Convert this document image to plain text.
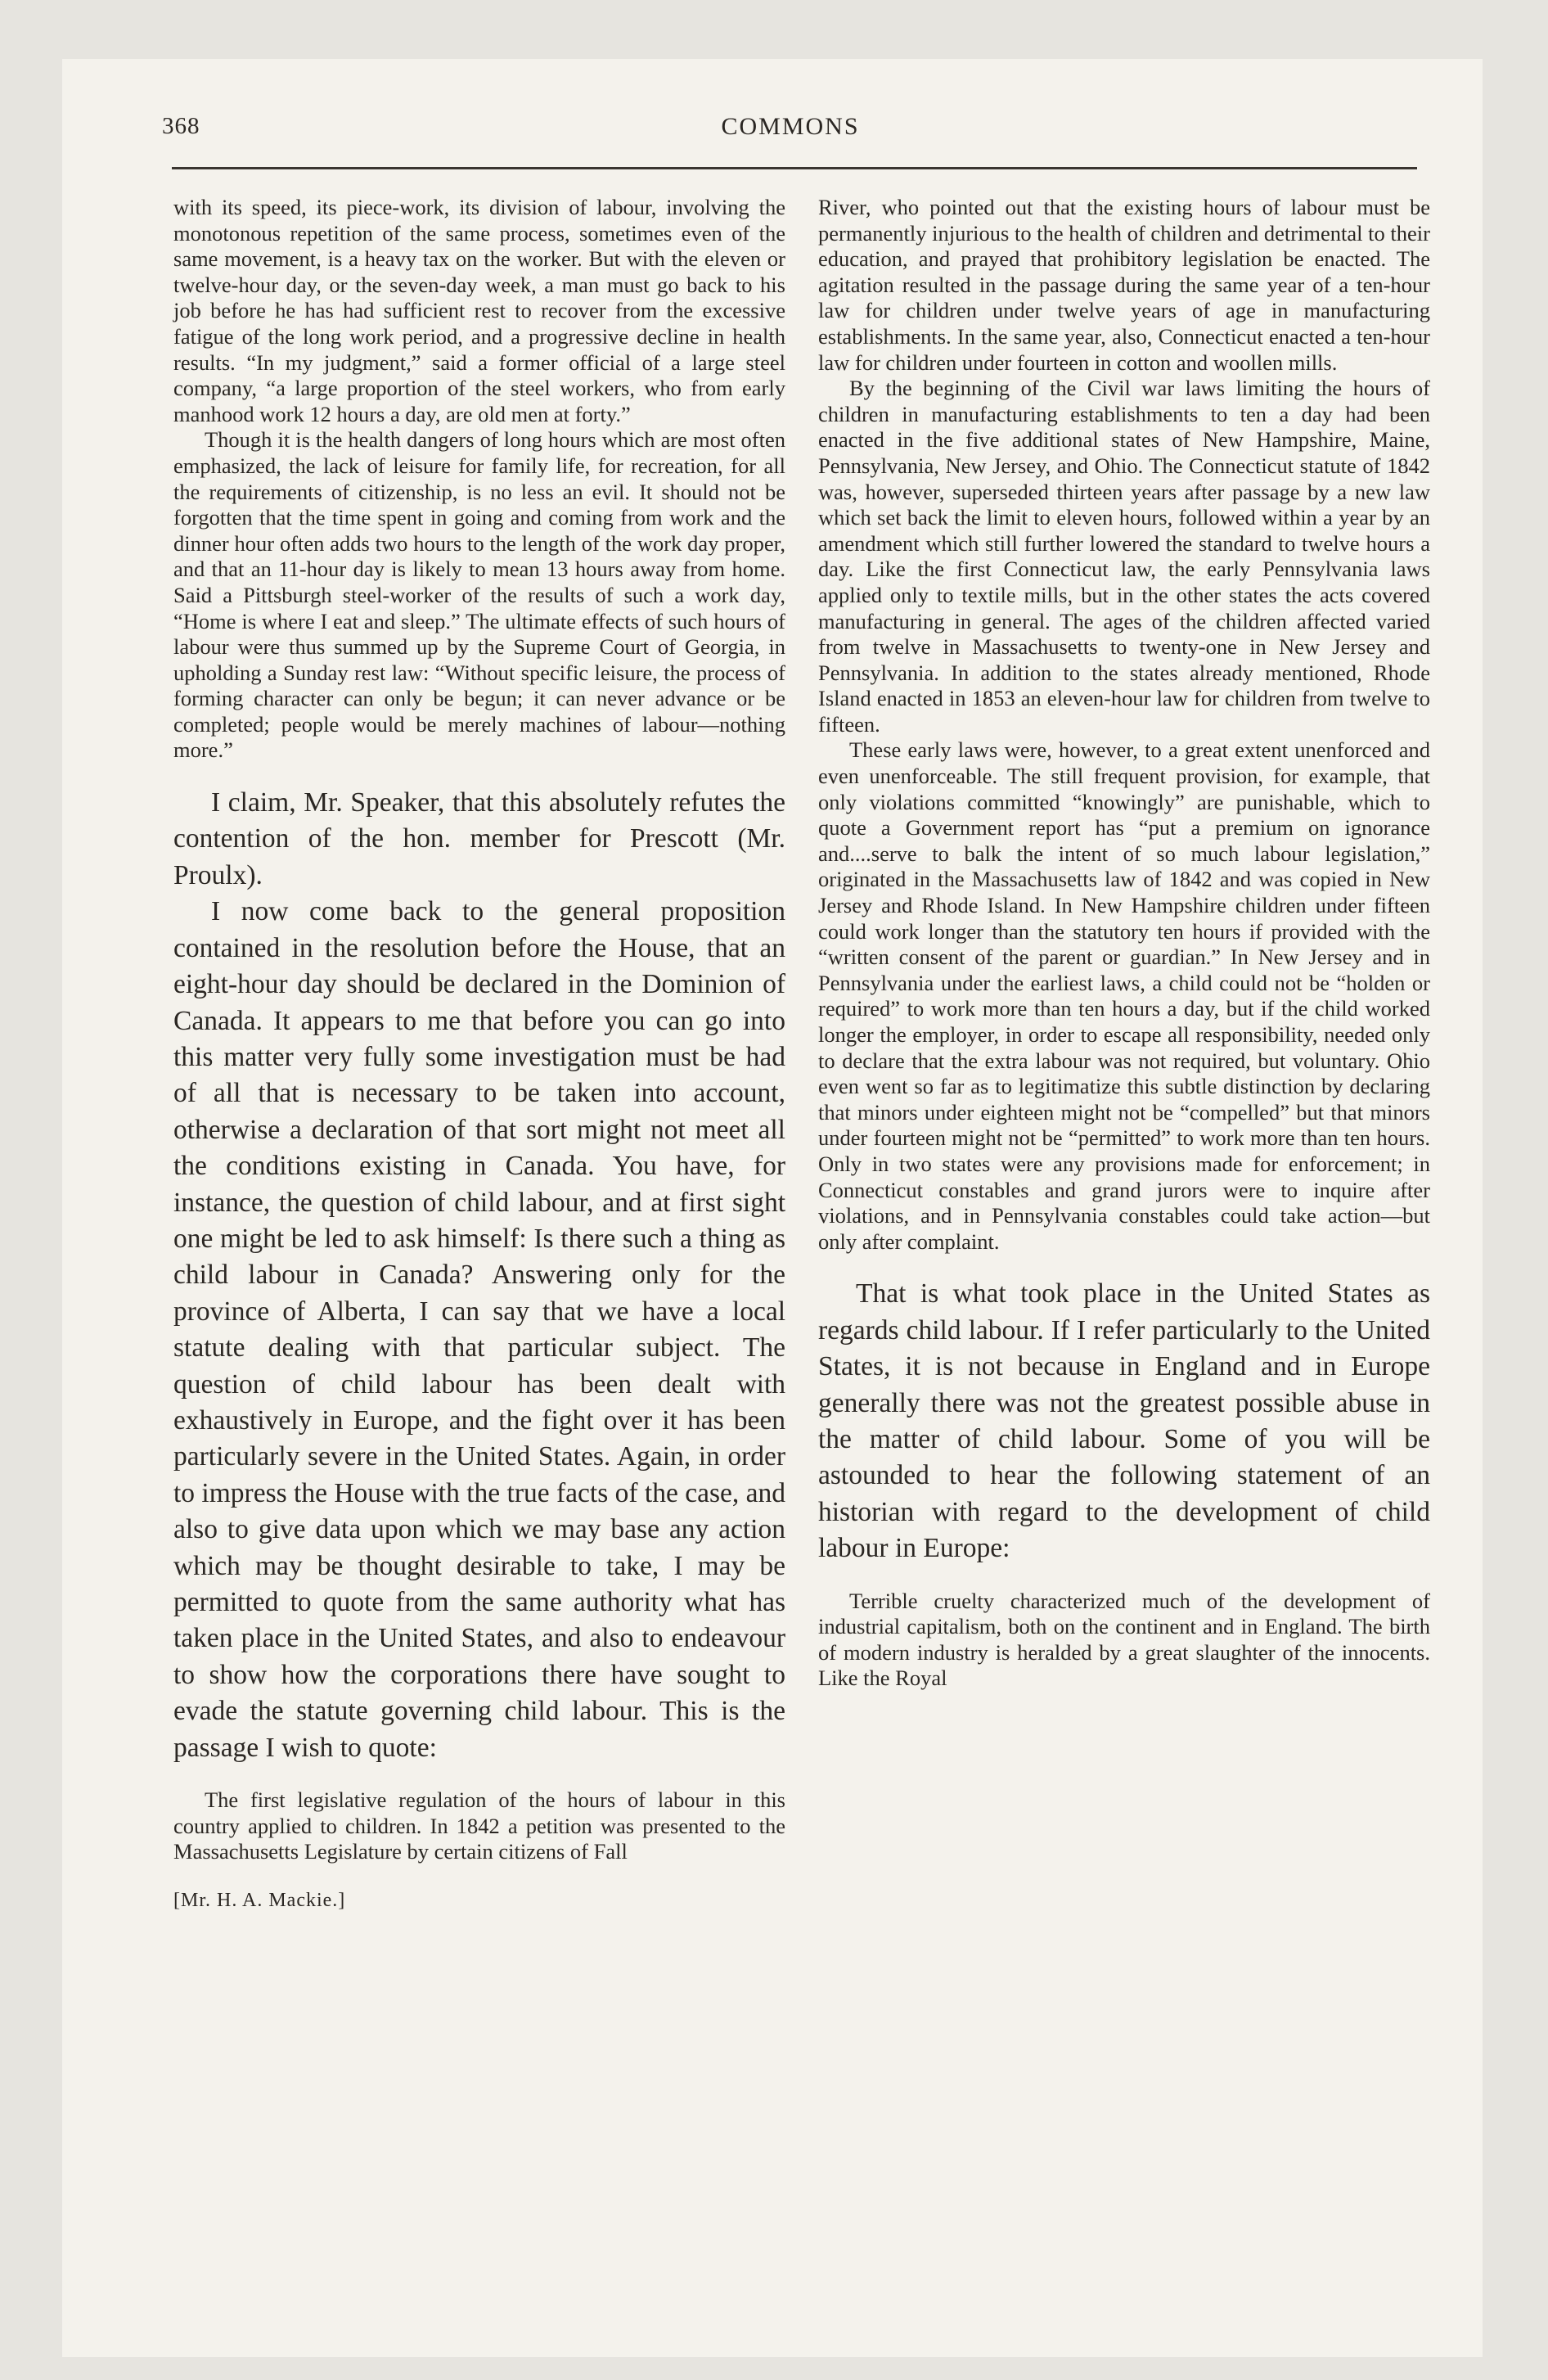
368	COMMONS

with its speed, its piece-work, its division of labour, involving the monotonous repetition of the same process, sometimes even of the same movement, is a heavy tax on the worker. But with the eleven or twelve-hour day, or the seven-day week, a man must go back to his job before he has had sufficient rest to recover from the excessive fatigue of the long work period, and a progressive decline in health results. “In my judgment,” said a former official of a large steel company, “a large proportion of the steel workers, who from early manhood work 12 hours a day, are old men at forty.”

Though it is the health dangers of long hours which are most often emphasized, the lack of leisure for family life, for recreation, for all the requirements of citizenship, is no less an evil. It should not be forgotten that the time spent in going and coming from work and the dinner hour often adds two hours to the length of the work day proper, and that an 11-hour day is likely to mean 13 hours away from home. Said a Pittsburgh steel-worker of the results of such a work day, “Home is where I eat and sleep.” The ultimate effects of such hours of labour were thus summed up by the Supreme Court of Georgia, in upholding a Sunday rest law: “Without specific leisure, the process of forming character can only be begun; it can never advance or be completed; people would be merely machines of labour—nothing more.”

I claim, Mr. Speaker, that this absolutely refutes the contention of the hon. member for Prescott (Mr. Proulx).

I now come back to the general proposition contained in the resolution before the House, that an eight-hour day should be declared in the Dominion of Canada. It appears to me that before you can go into this matter very fully some investigation must be had of all that is necessary to be taken into account, otherwise a declaration of that sort might not meet all the conditions existing in Canada. You have, for instance, the question of child labour, and at first sight one might be led to ask himself: Is there such a thing as child labour in Canada? Answering only for the province of Alberta, I can say that we have a local statute dealing with that particular subject. The question of child labour has been dealt with exhaustively in Europe, and the fight over it has been particularly severe in the United States. Again, in order to impress the House with the true facts of the case, and also to give data upon which we may base any action which may be thought desirable to take, I may be permitted to quote from the same authority what has taken place in the United States, and also to endeavour to show how the corporations there have sought to evade the statute governing child labour. This is the passage I wish to quote:

The first legislative regulation of the hours of labour in this country applied to children. In 1842 a petition was presented to the Massachusetts Legislature by certain citizens of Fall

[Mr. H. A. Mackie.]

River, who pointed out that the existing hours of labour must be permanently injurious to the health of children and detrimental to their education, and prayed that prohibitory legislation be enacted. The agitation resulted in the passage during the same year of a ten-hour law for children under twelve years of age in manufacturing establishments. In the same year, also, Connecticut enacted a ten-hour law for children under fourteen in cotton and woollen mills.

By the beginning of the Civil war laws limiting the hours of children in manufacturing establishments to ten a day had been enacted in the five additional states of New Hampshire, Maine, Pennsylvania, New Jersey, and Ohio. The Connecticut statute of 1842 was, however, superseded thirteen years after passage by a new law which set back the limit to eleven hours, followed within a year by an amendment which still further lowered the standard to twelve hours a day. Like the first Connecticut law, the early Pennsylvania laws applied only to textile mills, but in the other states the acts covered manufacturing in general. The ages of the children affected varied from twelve in Massachusetts to twenty-one in New Jersey and Pennsylvania. In addition to the states already mentioned, Rhode Island enacted in 1853 an eleven-hour law for children from twelve to fifteen.

These early laws were, however, to a great extent unenforced and even unenforceable. The still frequent provision, for example, that only violations committed “knowingly” are punishable, which to quote a Government report has “put a premium on ignorance and....serve to balk the intent of so much labour legislation,” originated in the Massachusetts law of 1842 and was copied in New Jersey and Rhode Island. In New Hampshire children under fifteen could work longer than the statutory ten hours if provided with the “written consent of the parent or guardian.” In New Jersey and in Pennsylvania under the earliest laws, a child could not be “holden or required” to work more than ten hours a day, but if the child worked longer the employer, in order to escape all responsibility, needed only to declare that the extra labour was not required, but voluntary. Ohio even went so far as to legitimatize this subtle distinction by declaring that minors under eighteen might not be “compelled” but that minors under fourteen might not be “permitted” to work more than ten hours. Only in two states were any provisions made for enforcement; in Connecticut constables and grand jurors were to inquire after violations, and in Pennsylvania constables could take action—but only after complaint.

That is what took place in the United States as regards child labour. If I refer particularly to the United States, it is not because in England and in Europe generally there was not the greatest possible abuse in the matter of child labour. Some of you will be astounded to hear the following statement of an historian with regard to the development of child labour in Europe:

Terrible cruelty characterized much of the development of industrial capitalism, both on the continent and in England. The birth of modern industry is heralded by a great slaughter of the innocents. Like the Royal
